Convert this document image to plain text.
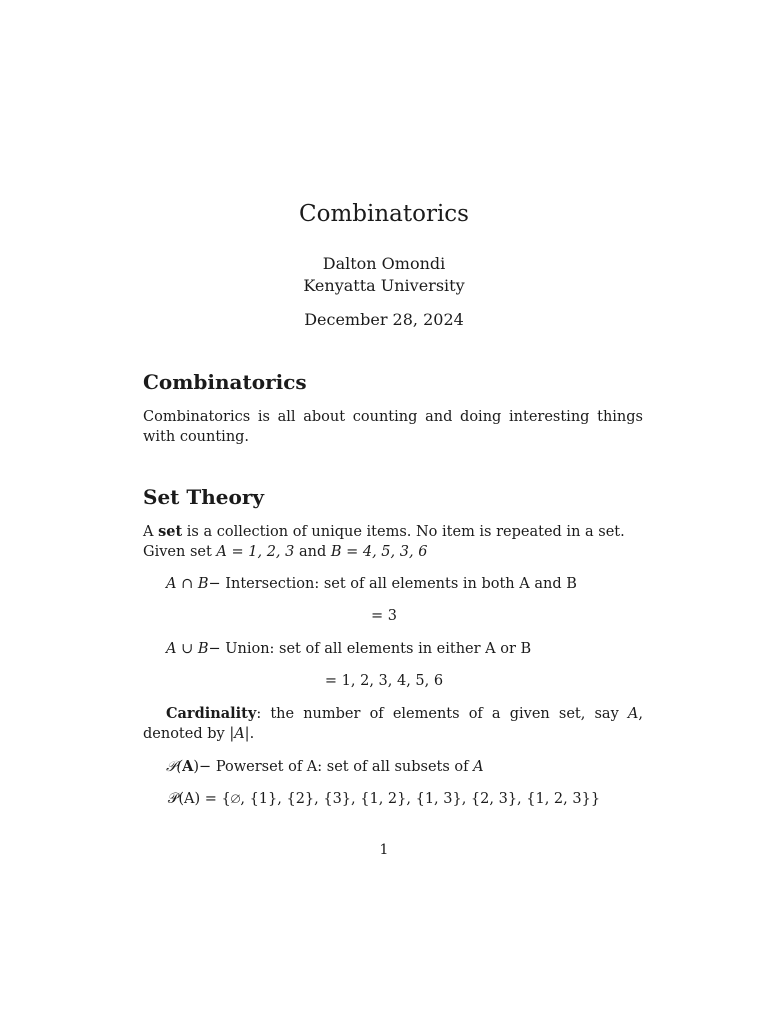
Combinatorics
Dalton Omondi
Kenyatta University
December 28, 2024
Combinatorics
Combinatorics is all about counting and doing interesting things with counting.
Set Theory
A set is a collection of unique items. No item is repeated in a set.
Given set A = 1, 2, 3 and B = 4, 5, 3, 6
A ∩ B− Intersection: set of all elements in both A and B
= 3
A ∪ B− Union: set of all elements in either A or B
= 1, 2, 3, 4, 5, 6
Cardinality: the number of elements of a given set, say A, denoted by |A|.
𝒫(A)− Powerset of A: set of all subsets of A
𝒫(A) = {∅, {1}, {2}, {3}, {1, 2}, {1, 3}, {2, 3}, {1, 2, 3}}
1
